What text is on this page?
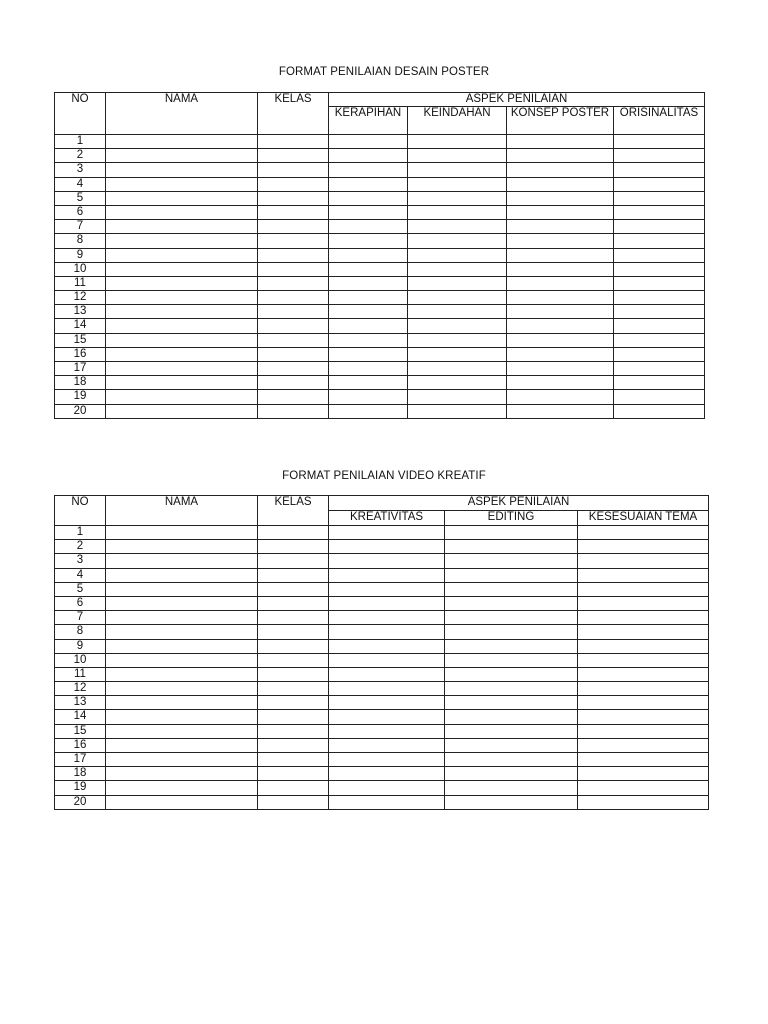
FORMAT PENILAIAN DESAIN POSTER
NO	NAMA	KELAS	ASPEK PENILAIAN			
			KERAPIHAN	KEINDAHAN	KONSEP POSTER	ORISINALITAS
1						
2						
3						
4						
5						
6						
7						
8						
9						
10						
11						
12						
13						
14						
15						
16						
17						
18						
19						
20						
FORMAT PENILAIAN VIDEO KREATIF
NO	NAMA	KELAS	ASPEK PENILAIAN		
			KREATIVITAS	EDITING	KESESUAIAN TEMA
1					
2					
3					
4					
5					
6					
7					
8					
9					
10					
11					
12					
13					
14					
15					
16					
17					
18					
19					
20					
